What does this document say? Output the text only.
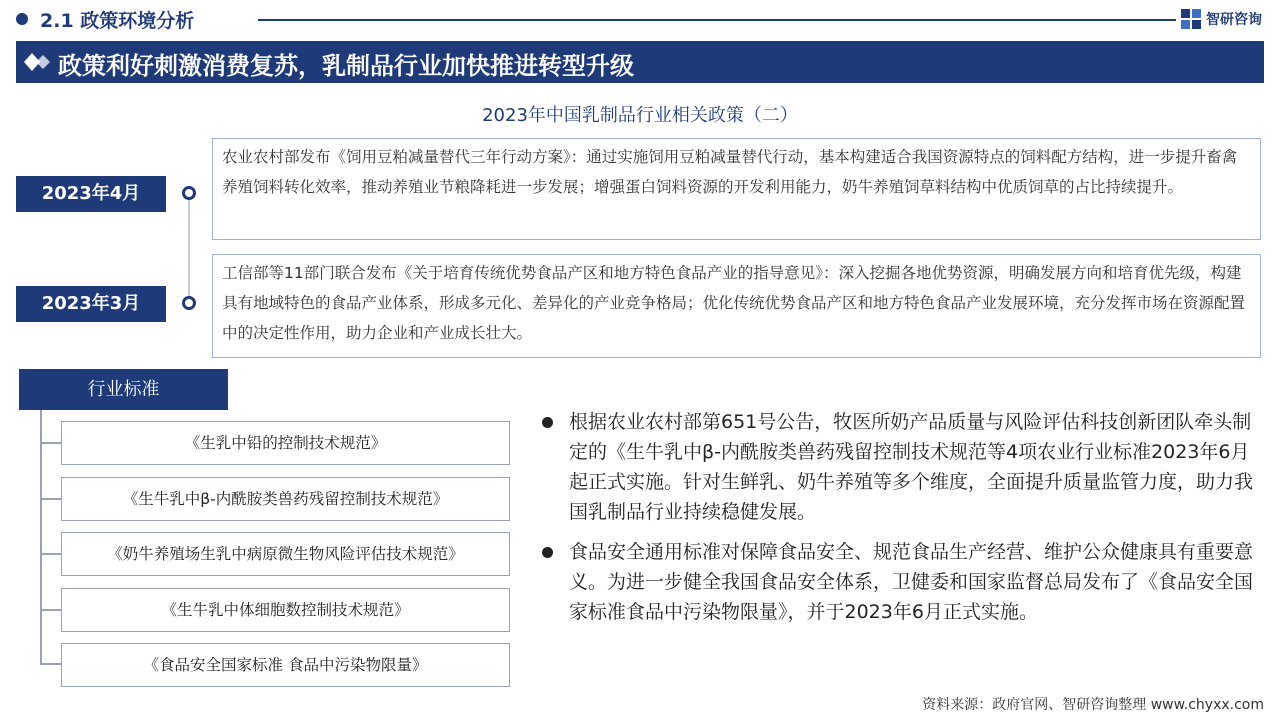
2.1 政策环境分析	智研咨询
政策利好刺激消费复苏，乳制品行业加快推进转型升级
2023年中国乳制品行业相关政策（二）
2023年4月
农业农村部发布《饲用豆粕减量替代三年行动方案》：通过实施饲用豆粕减量替代行动，基本构建适合我国资源特点的饲料配方结构，进一步提升畜禽养殖饲料转化效率，推动养殖业节粮降耗进一步发展；增强蛋白饲料资源的开发利用能力，奶牛养殖饲草料结构中优质饲草的占比持续提升。
2023年3月
工信部等11部门联合发布《关于培育传统优势食品产区和地方特色食品产业的指导意见》：深入挖掘各地优势资源，明确发展方向和培育优先级，构建具有地域特色的食品产业体系，形成多元化、差异化的产业竞争格局；优化传统优势食品产区和地方特色食品产业发展环境，充分发挥市场在资源配置中的决定性作用，助力企业和产业成长壮大。
行业标准
《生乳中铅的控制技术规范》
《生牛乳中β-内酰胺类兽药残留控制技术规范》
《奶牛养殖场生乳中病原微生物风险评估技术规范》
《生牛乳中体细胞数控制技术规范》
《食品安全国家标准 食品中污染物限量》
根据农业农村部第651号公告，牧医所奶产品质量与风险评估科技创新团队牵头制定的《生牛乳中β-内酰胺类兽药残留控制技术规范等4项农业行业标准2023年6月起正式实施。针对生鲜乳、奶牛养殖等多个维度，全面提升质量监管力度，助力我国乳制品行业持续稳健发展。
食品安全通用标准对保障食品安全、规范食品生产经营、维护公众健康具有重要意义。为进一步健全我国食品安全体系，卫健委和国家监督总局发布了《食品安全国家标准食品中污染物限量》，并于2023年6月正式实施。
资料来源：政府官网、智研咨询整理 www.chyxx.com
